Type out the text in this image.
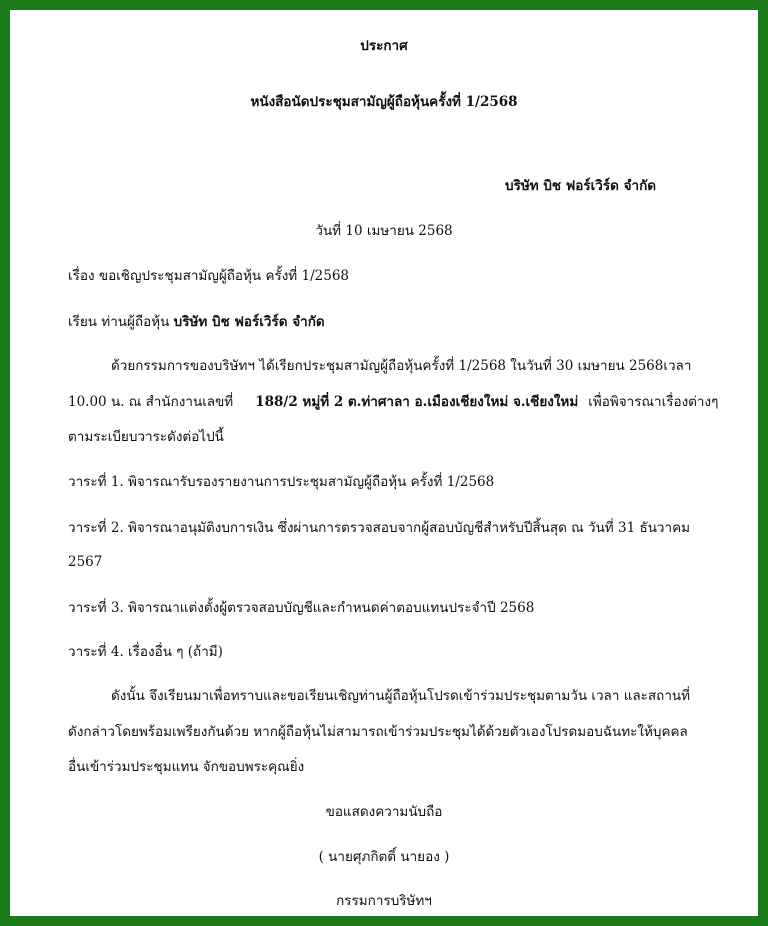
ประกาศ
หนังสือนัดประชุมสามัญผู้ถือหุ้นครั้งที่ 1/2568
บริษัท บิช ฟอร์เวิร์ด จำกัด
วันที่ 10 เมษายน 2568
เรื่อง ขอเชิญประชุมสามัญผู้ถือหุ้น ครั้งที่ 1/2568
เรียน ท่านผู้ถือหุ้น บริษัท บิช ฟอร์เวิร์ด จำกัด
ด้วยกรรมการของบริษัทฯ ได้เรียกประชุมสามัญผู้ถือหุ้นครั้งที่ 1/2568 ในวันที่ 30 เมษายน 2568เวลา
10.00 น. ณ สำนักงานเลขที่ 188/2 หมู่ที่ 2 ต.ท่าศาลา อ.เมืองเชียงใหม่ จ.เชียงใหม่ เพื่อพิจารณาเรื่องต่างๆ
ตามระเบียบวาระดังต่อไปนี้
วาระที่ 1. พิจารณารับรองรายงานการประชุมสามัญผู้ถือหุ้น ครั้งที่ 1/2568
วาระที่ 2. พิจารณาอนุมัติงบการเงิน ซึ่งผ่านการตรวจสอบจากผู้สอบบัญชีสำหรับปีสิ้นสุด ณ วันที่ 31 ธันวาคม
2567
วาระที่ 3. พิจารณาแต่งตั้งผู้ตรวจสอบบัญชีและกำหนดค่าตอบแทนประจำปี 2568
วาระที่ 4. เรื่องอื่น ๆ (ถ้ามี)
ดังนั้น จึงเรียนมาเพื่อทราบและขอเรียนเชิญท่านผู้ถือหุ้นโปรดเข้าร่วมประชุมตามวัน เวลา และสถานที่
ดังกล่าวโดยพร้อมเพรียงกันด้วย หากผู้ถือหุ้นไม่สามารถเข้าร่วมประชุมได้ด้วยตัวเองโปรดมอบฉันทะให้บุคคล
อื่นเข้าร่วมประชุมแทน จักขอบพระคุณยิ่ง
ขอแสดงความนับถือ
( นายศุภกิตติ์ นายอง )
กรรมการบริษัทฯ
